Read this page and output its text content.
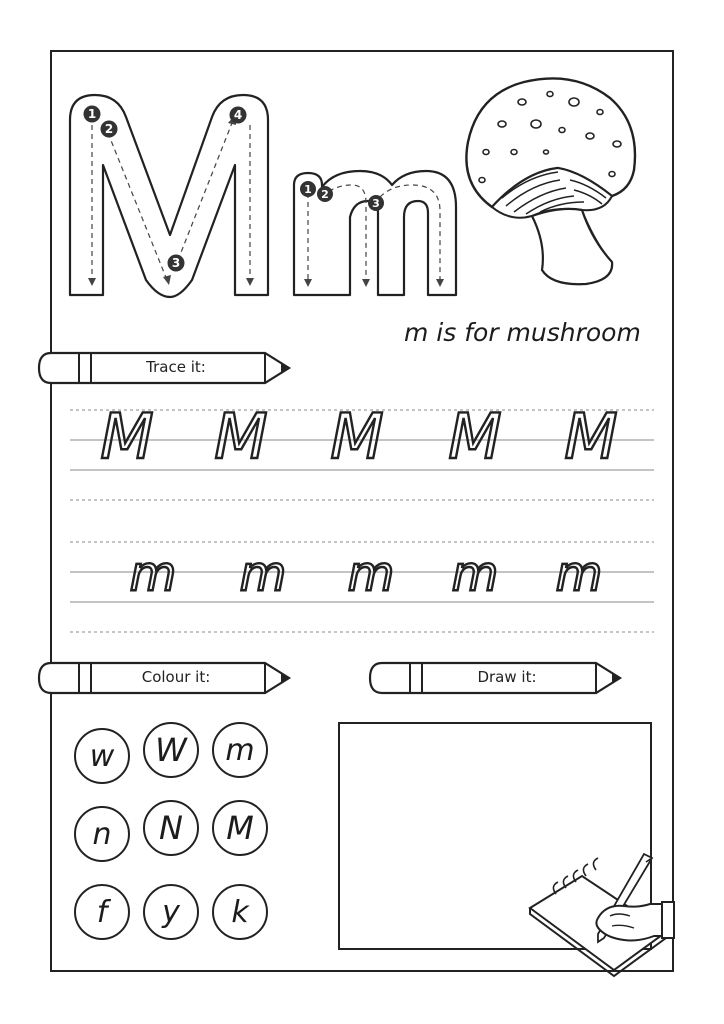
1
2
3
4
1 2
3
m is for mushroom
Trace it:
Colour it:	Draw it:
M M M M M
m m m m m
w	W	m
n	N	M
f	y	k
